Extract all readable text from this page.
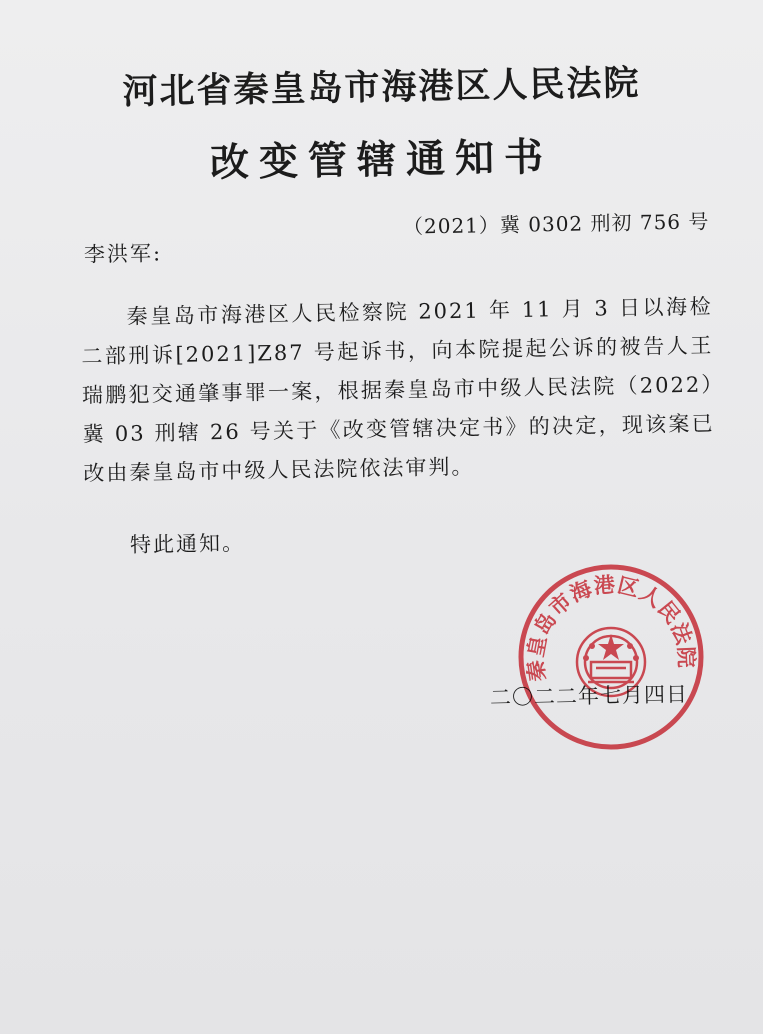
河北省秦皇岛市海港区人民法院
改变管辖通知书
（2021）冀 0302 刑初 756 号
李洪军:
秦皇岛市海港区人民检察院 2021 年 11 月 3 日以海检二部刑诉[2021]Z87 号起诉书，向本院提起公诉的被告人王瑞鹏犯交通肇事罪一案，根据秦皇岛市中级人民法院（2022）冀 03 刑辖 26 号关于《改变管辖决定书》的决定，现该案已改由秦皇岛市中级人民法院依法审判。
特此通知。
二〇二二年七月四日
秦皇岛市海港区人民法院
